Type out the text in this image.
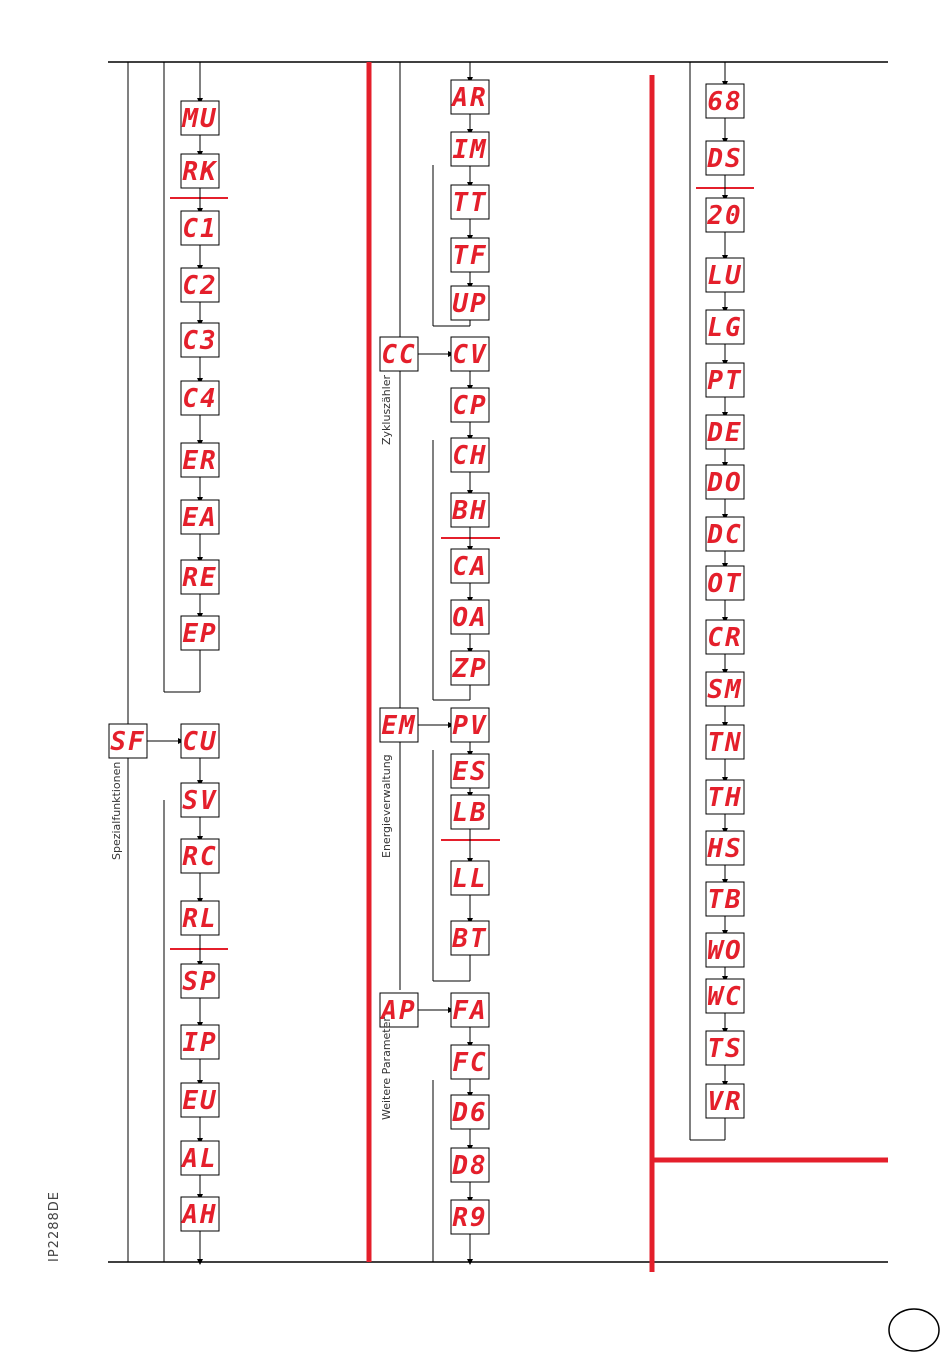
MU
RK
C1
C2
C3
C4
ER
EA
RE
EP
CU
SV
RC
RL
SP
IP
EU
AL
AH
SF
AR
IM
TT
TF
UP
CV
CP
CH
BH
CA
OA
ZP
PV
ES
LB
LL
BT
FA
FC
D6
D8
R9
CC
EM
AP
68
DS
20
LU
LG
PT
DE
DO
DC
OT
CR
SM
TN
TH
HS
TB
WO
WC
TS
VR
Spezialfunktionen
Zykluszähler
Energieverwaltung
Weitere Parameter
IP2288DE
